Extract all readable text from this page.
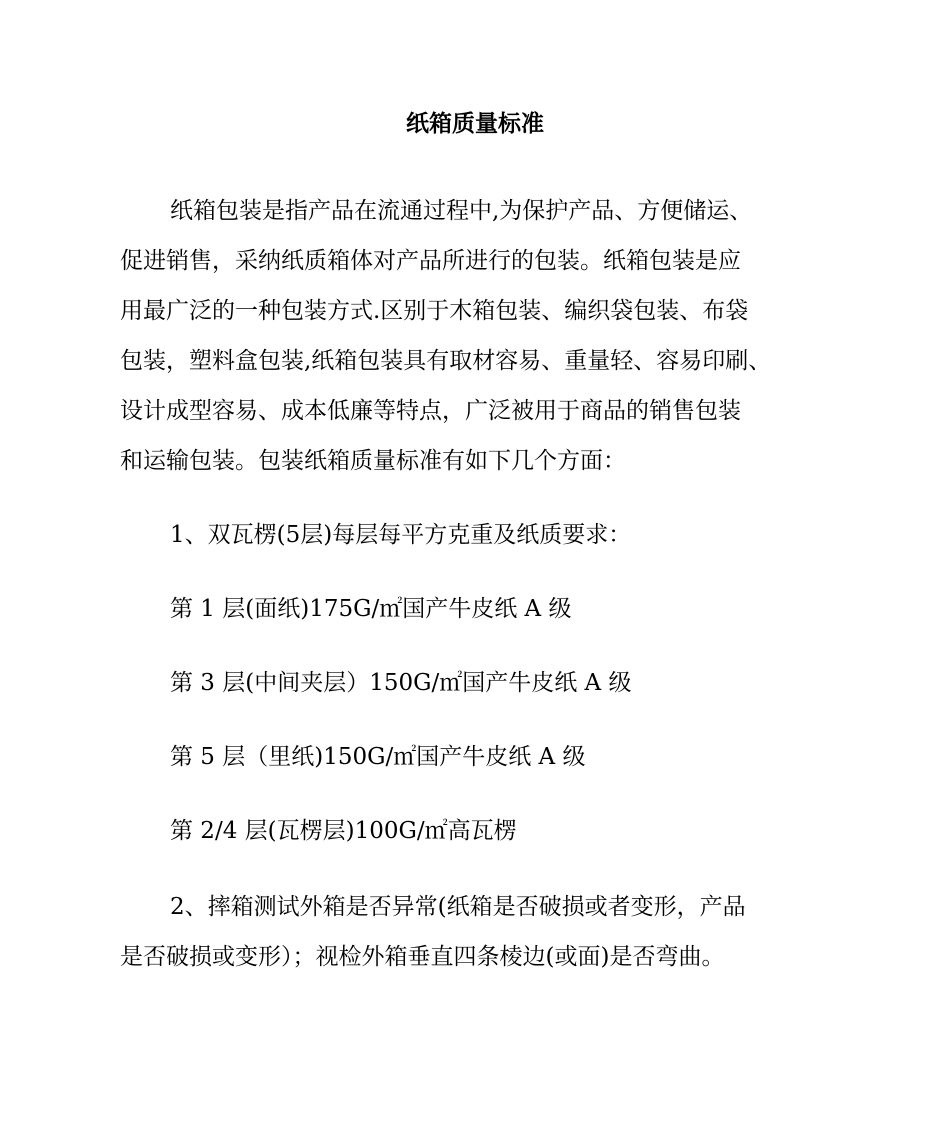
纸箱质量标准
纸箱包装是指产品在流通过程中,为保护产品、方便储运、
促进销售，采纳纸质箱体对产品所进行的包装。纸箱包装是应
用最广泛的一种包装方式.区别于木箱包装、编织袋包装、布袋
包装，塑料盒包装,纸箱包装具有取材容易、重量轻、容易印刷、
设计成型容易、成本低廉等特点，广泛被用于商品的销售包装
和运输包装。包装纸箱质量标准有如下几个方面：
1、双瓦楞(5层)每层每平方克重及纸质要求：
第 1 层(面纸)175G/㎡国产牛皮纸 A 级
第 3 层(中间夹层）150G/㎡国产牛皮纸 A 级
第 5 层（里纸)150G/㎡国产牛皮纸 A 级
第 2/4 层(瓦楞层)100G/㎡高瓦楞
2、摔箱测试外箱是否异常(纸箱是否破损或者变形，产品
是否破损或变形）；视检外箱垂直四条棱边(或面)是否弯曲。
